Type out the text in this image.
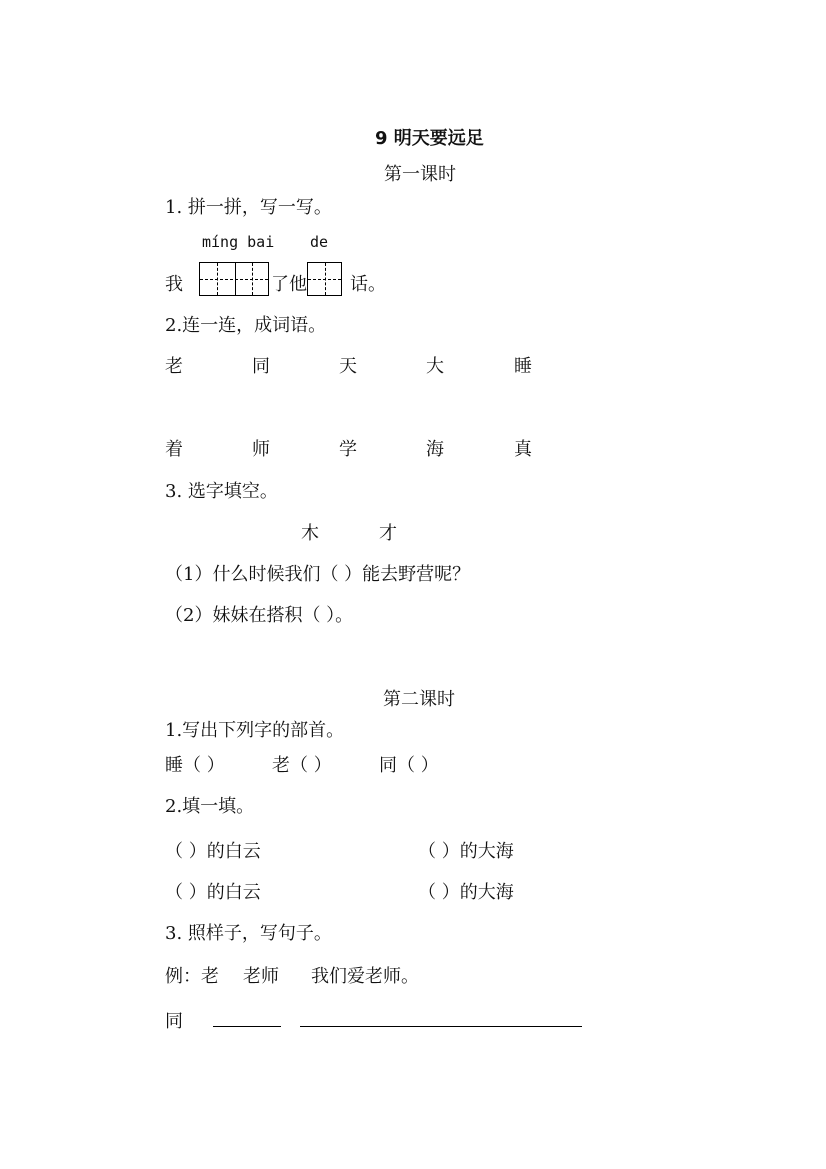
9 明天要远足
第一课时
1. 拼一拼，写一写。
míng bai de
我	了他 话。
2.连一连，成词语。
老	同	天	大	睡
着	师	学	海	真
3. 选字填空。
木	才
（1）什么时候我们（ ）能去野营呢？
（2）妹妹在搭积（ ）。
第二课时
1.写出下列字的部首。
睡（ ）	老（ ）	同（ ）
2.填一填。
（ ）的白云	（ ）的大海
（ ）的白云	（ ）的大海
3. 照样子，写句子。
例：老 老师 我们爱老师。
同
